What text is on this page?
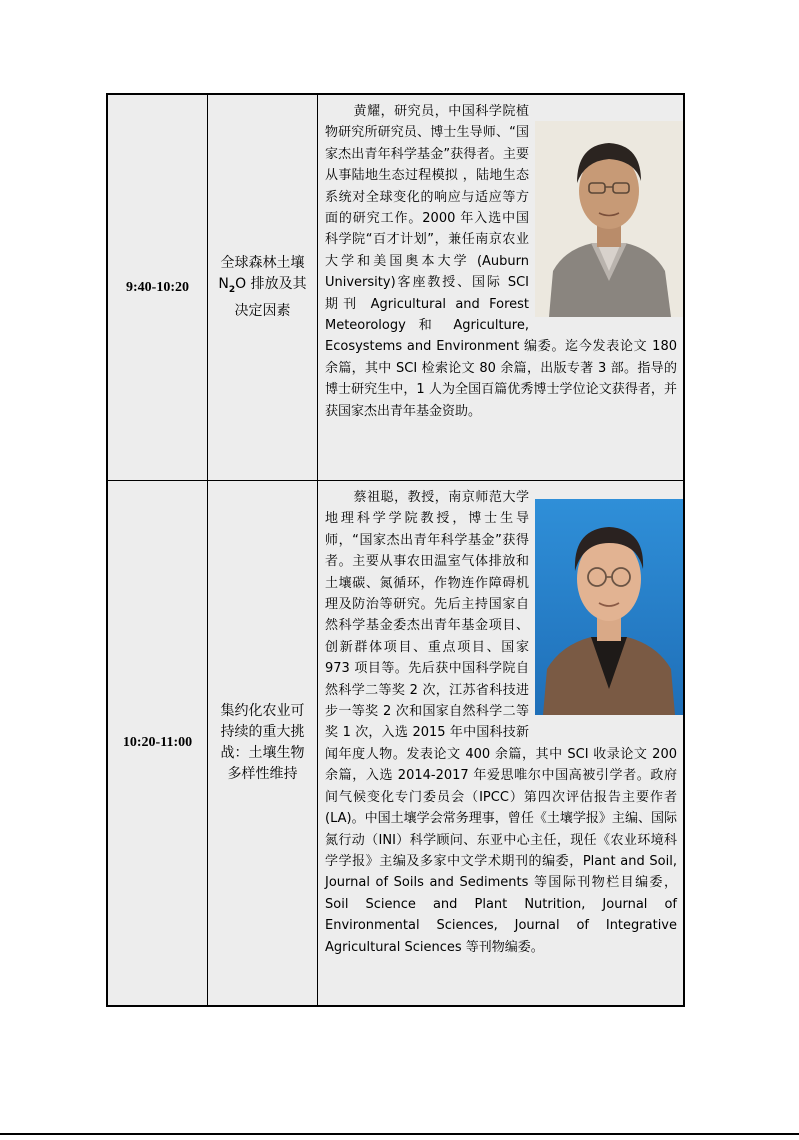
9:40-10:20
全球森林土壤 $N_2O$ 排放及其决定因素

黄耀，研究员，中国科学院植物研究所研究员、博士生导师、“国家杰出青年科学基金”获得者。主要从事陆地生态过程模拟 ，陆地生态系统对全球变化的响应与适应等方面的研究工作。2000 年入选中国科学院“百才计划”，兼任南京农业大学和美国奥本大学 (Auburn University)客座教授、国际 SCI 期刊 Agricultural and Forest Meteorology 和 Agriculture, Ecosystems and Environment 编委。迄今发表论文 180 余篇，其中 SCI 检索论文 80 余篇，出版专著 3 部。指导的博士研究生中，1 人为全国百篇优秀博士学位论文获得者，并获国家杰出青年基金资助。

10:20-11:00
集约化农业可持续的重大挑战：土壤生物多样性维持

蔡祖聪，教授，南京师范大学地理科学学院教授，博士生导师，“国家杰出青年科学基金”获得者。主要从事农田温室气体排放和土壤碳、氮循环，作物连作障碍机理及防治等研究。先后主持国家自然科学基金委杰出青年基金项目、创新群体项目、重点项目、国家 973 项目等。先后获中国科学院自然科学二等奖 2 次，江苏省科技进步一等奖 2 次和国家自然科学二等奖 1 次，入选 2015 年中国科技新闻年度人物。发表论文 400 余篇，其中 SCI 收录论文 200 余篇，入选 2014-2017 年爱思唯尔中国高被引学者。政府间气候变化专门委员会（IPCC）第四次评估报告主要作者(LA)。中国土壤学会常务理事，曾任《土壤学报》主编、国际氮行动（INI）科学顾问、东亚中心主任，现任《农业环境科学学报》主编及多家中文学术期刊的编委，Plant and Soil, Journal of Soils and Sediments 等国际刊物栏目编委，Soil Science and Plant Nutrition, Journal of Environmental Sciences, Journal of Integrative Agricultural Sciences 等刊物编委。
